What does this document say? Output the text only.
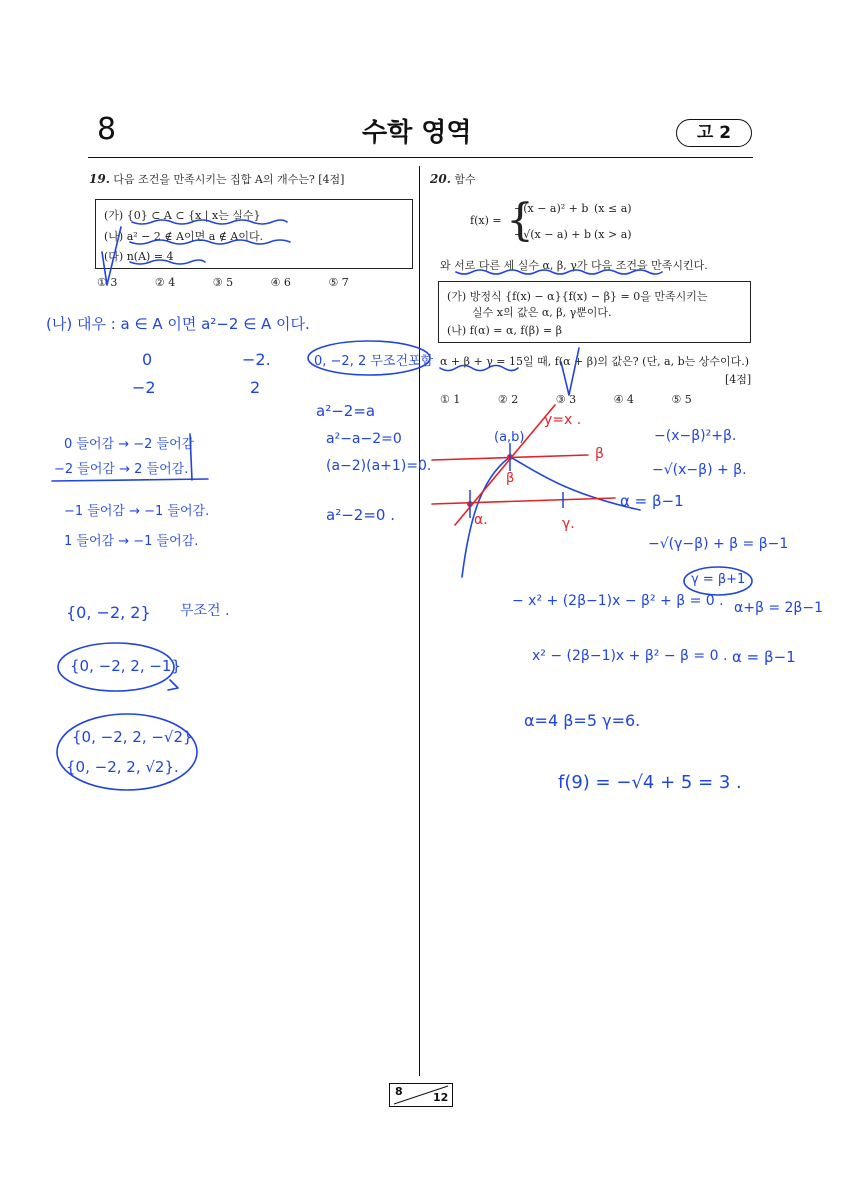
8	수학 영역	고 2
19. 다음 조건을 만족시키는 집합 A의 개수는? [4점]
(가) {0} ⊂ A ⊂ {x | x는 실수}
(나) a² − 2 ∉ A이면 a ∉ A이다.
(다) n(A) = 4
① 3	② 4	③ 5	④ 6	⑤ 7
20. 함수
f(x) = {
−(x − a)² + b (x ≤ a)
−√(x − a) + b (x > a)
와 서로 다른 세 실수 α, β, γ가 다음 조건을 만족시킨다.
(가) 방정식 {f(x) − α}{f(x) − β} = 0을 만족시키는
실수 x의 값은 α, β, γ뿐이다.
(나) f(α) = α, f(β) = β
α + β + γ = 15일 때, f(α + β)의 값은? (단, a, b는 상수이다.)
[4점]
① 1	② 2	③ 3	④ 4	⑤ 5
(나) 대우 : a ∈ A 이면 a²−2 ∈ A 이다.
0	−2.
−2	2
0, −2, 2 무조건포함
a²−2=a
a²−a−2=0
(a−2)(a+1)=0.
a²−2=0 .
0 들어감 → −2 들어감
−2 들어감 → 2 들어감.
−1 들어감 → −1 들어감.
1 들어감 → −1 들어감.
{0, −2, 2} 무조건 .
{0, −2, 2, −1}
{0, −2, 2, −√2}
{0, −2, 2, √2}.
y=x .
(a,b)
β
β
α.	γ.
−(x−β)²+β.
−√(x−β) + β.
α = β−1
−√(γ−β) + β = β−1
γ = β+1
− x² + (2β−1)x − β² + β = 0 . α+β = 2β−1
x² − (2β−1)x + β² − β = 0 . α = β−1
α=4 β=5 γ=6.
f(9) = −√4 + 5 = 3 .
8	12
